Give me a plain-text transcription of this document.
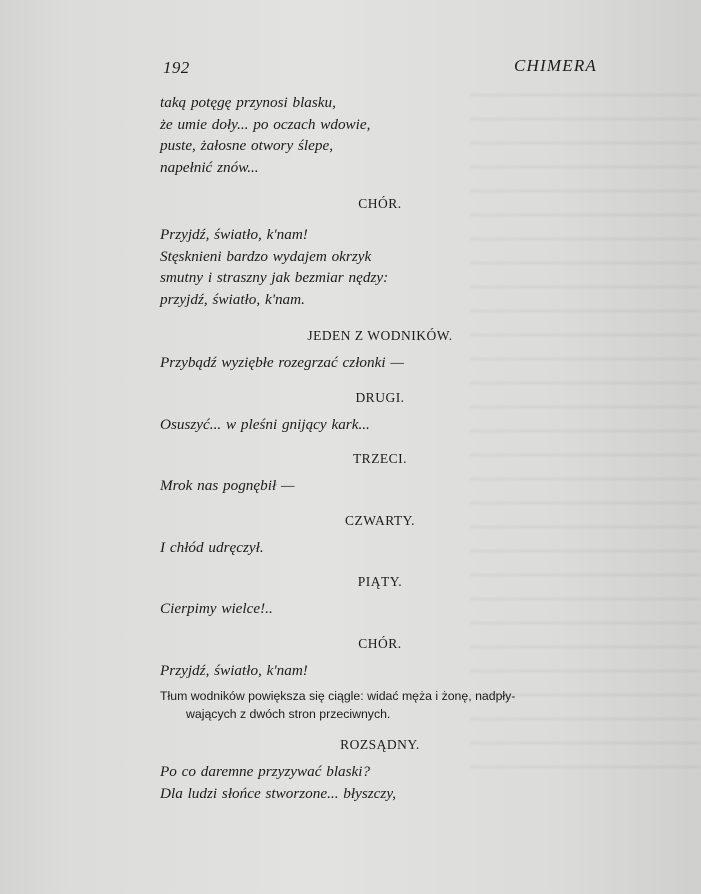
192	CHIMERA
taką potęgę przynosi blasku,
że umie doły... po oczach wdowie,
puste, żałosne otwory ślepe,
napełnić znów...

CHÓR.

Przyjdź, światło, k'nam!
Stęsknieni bardzo wydajem okrzyk
smutny i straszny jak bezmiar nędzy:
przyjdź, światło, k'nam.

JEDEN Z WODNIKÓW.

Przybądź wyziębłe rozegrzać członki —

DRUGI.

Osuszyć... w pleśni gnijący kark...

TRZECI.

Mrok nas pognębił —

CZWARTY.

I chłód udręczył.

PIĄTY.

Cierpimy wielce!..

CHÓR.

Przyjdź, światło, k'nam!

Tłum wodników powiększa się ciągle: widać męża i żonę, nadpły-
wających z dwóch stron przeciwnych.

ROZSĄDNY.

Po co daremne przyzywać blaski?
Dla ludzi słońce stworzone... błyszczy,
